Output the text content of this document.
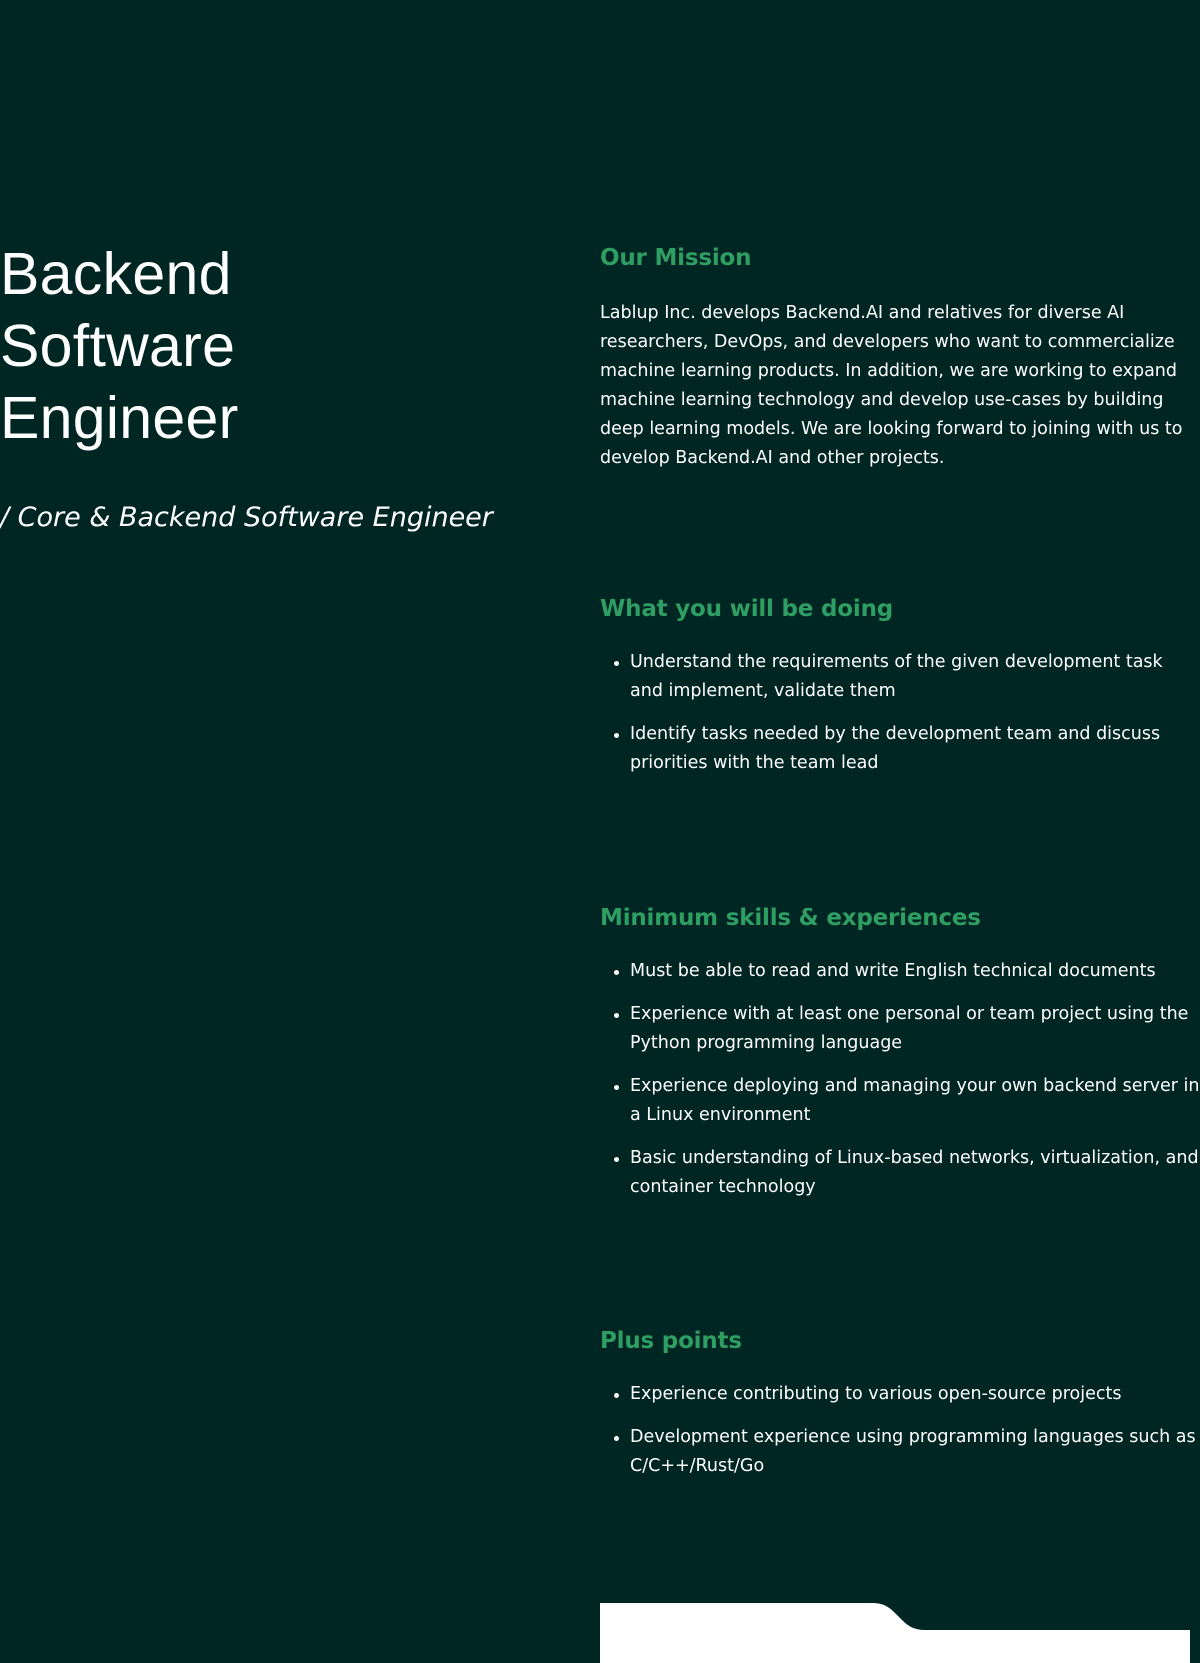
Backend
Software
Engineer
/ Core & Backend Software Engineer
Our Mission

Lablup Inc. develops Backend.AI and relatives for diverse AI researchers, DevOps, and developers who want to commercialize machine learning products. In addition, we are working to expand machine learning technology and develop use-cases by building deep learning models. We are looking forward to joining with us to develop Backend.AI and other projects.

What you will be doing
Understand the requirements of the given development task and implement, validate them
Identify tasks needed by the development team and discuss priorities with the team lead
Minimum skills & experiences
Must be able to read and write English technical documents
Experience with at least one personal or team project using the Python programming language
Experience deploying and managing your own backend server in a Linux environment
Basic understanding of Linux-based networks, virtualization, and container technology
Plus points
Experience contributing to various open-source projects
Development experience using programming languages such as C/C++/Rust/Go
